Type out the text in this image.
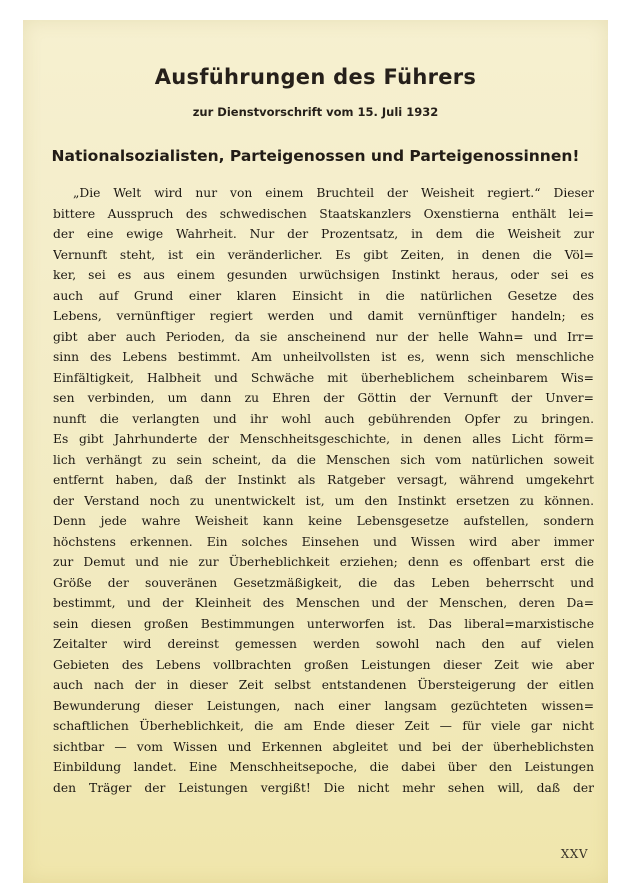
Ausführungen des Führers
zur Dienstvorschrift vom 15. Juli 1932
Nationalsozialisten, Parteigenossen und Parteigenossinnen!
„Die Welt wird nur von einem Bruchteil der Weisheit regiert.“ Dieser
bittere Ausspruch des schwedischen Staatskanzlers Oxenstierna enthält lei=
der eine ewige Wahrheit. Nur der Prozentsatz, in dem die Weisheit zur
Vernunft steht, ist ein veränderlicher. Es gibt Zeiten, in denen die Völ=
ker, sei es aus einem gesunden urwüchsigen Instinkt heraus, oder sei es
auch auf Grund einer klaren Einsicht in die natürlichen Gesetze des
Lebens, vernünftiger regiert werden und damit vernünftiger handeln; es
gibt aber auch Perioden, da sie anscheinend nur der helle Wahn= und Irr=
sinn des Lebens bestimmt. Am unheilvollsten ist es, wenn sich menschliche
Einfältigkeit, Halbheit und Schwäche mit überheblichem scheinbarem Wis=
sen verbinden, um dann zu Ehren der Göttin der Vernunft der Unver=
nunft die verlangten und ihr wohl auch gebührenden Opfer zu bringen.
Es gibt Jahrhunderte der Menschheitsgeschichte, in denen alles Licht förm=
lich verhängt zu sein scheint, da die Menschen sich vom natürlichen soweit
entfernt haben, daß der Instinkt als Ratgeber versagt, während umgekehrt
der Verstand noch zu unentwickelt ist, um den Instinkt ersetzen zu können.
Denn jede wahre Weisheit kann keine Lebensgesetze aufstellen, sondern
höchstens erkennen. Ein solches Einsehen und Wissen wird aber immer
zur Demut und nie zur Überheblichkeit erziehen; denn es offenbart erst die
Größe der souveränen Gesetzmäßigkeit, die das Leben beherrscht und
bestimmt, und der Kleinheit des Menschen und der Menschen, deren Da=
sein diesen großen Bestimmungen unterworfen ist. Das liberal=marxistische
Zeitalter wird dereinst gemessen werden sowohl nach den auf vielen
Gebieten des Lebens vollbrachten großen Leistungen dieser Zeit wie aber
auch nach der in dieser Zeit selbst entstandenen Übersteigerung der eitlen
Bewunderung dieser Leistungen, nach einer langsam gezüchteten wissen=
schaftlichen Überheblichkeit, die am Ende dieser Zeit — für viele gar nicht
sichtbar — vom Wissen und Erkennen abgleitet und bei der überheblichsten
Einbildung landet. Eine Menschheitsepoche, die dabei über den Leistungen
den Träger der Leistungen vergißt! Die nicht mehr sehen will, daß der
XXV
